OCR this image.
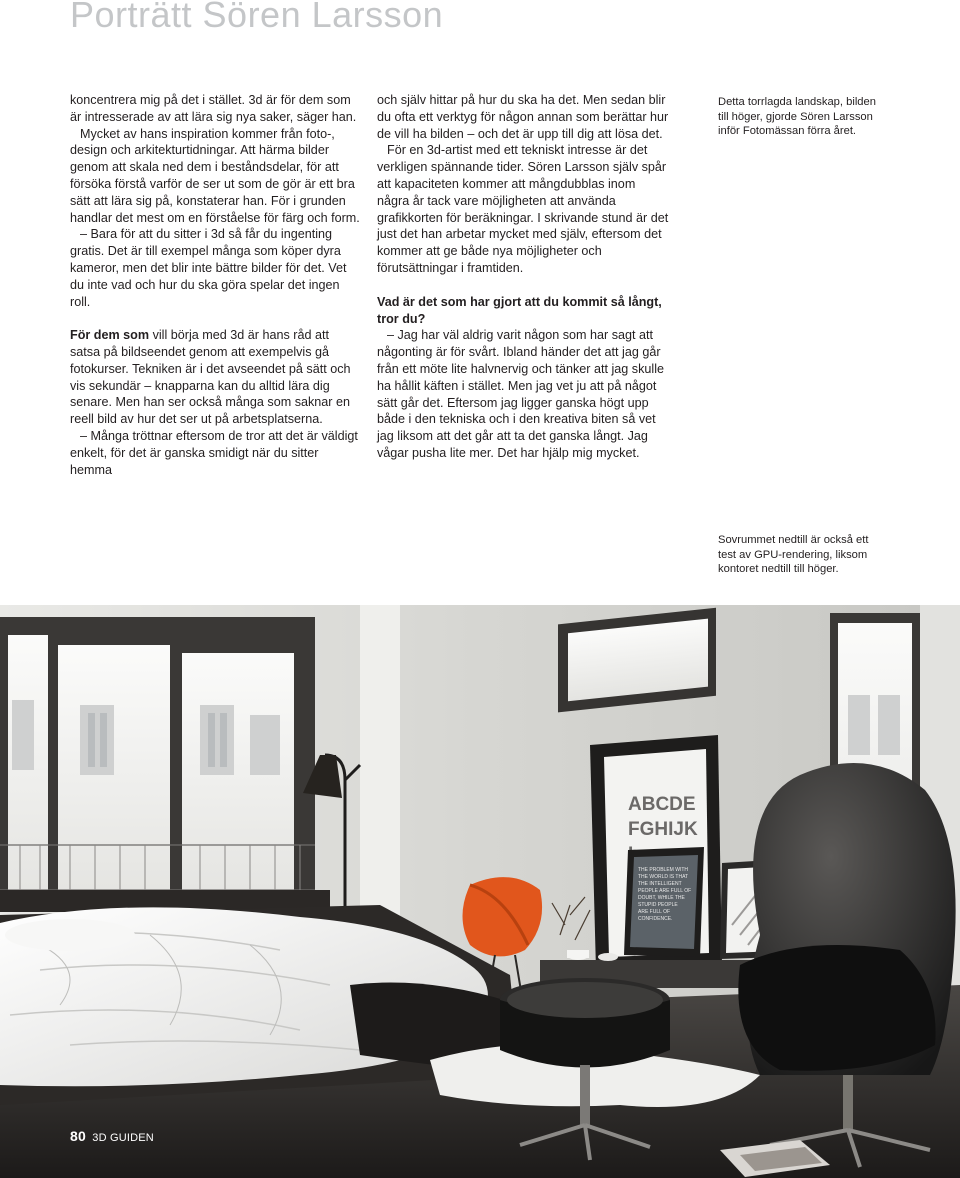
Porträtt Sören Larsson

koncentrera mig på det i stället. 3d är för dem som är intresserade av att lära sig nya saker, säger han.

Mycket av hans inspiration kommer från foto-, design och arkitekturtidningar. Att härma bilder genom att skala ned dem i beståndsdelar, för att försöka förstå varför de ser ut som de gör är ett bra sätt att lära sig på, konstaterar han. För i grunden handlar det mest om en förståelse för färg och form.

– Bara för att du sitter i 3d så får du ingenting gratis. Det är till exempel många som köper dyra kameror, men det blir inte bättre bilder för det. Vet du inte vad och hur du ska göra spelar det ingen roll.

För dem som vill börja med 3d är hans råd att satsa på bildseendet genom att exempelvis gå fotokurser. Tekniken är i det avseendet på sätt och vis sekundär – knapparna kan du alltid lära dig senare. Men han ser också många som saknar en reell bild av hur det ser ut på arbetsplatserna.

– Många tröttnar eftersom de tror att det är väldigt enkelt, för det är ganska smidigt när du sitter hemma

och själv hittar på hur du ska ha det. Men sedan blir du ofta ett verktyg för någon annan som berättar hur de vill ha bilden – och det är upp till dig att lösa det.

För en 3d-artist med ett tekniskt intresse är det verkligen spännande tider. Sören Larsson själv spår att kapaciteten kommer att mångdubblas inom några år tack vare möjligheten att använda grafikkorten för beräkningar. I skrivande stund är det just det han arbetar mycket med själv, eftersom det kommer att ge både nya möjligheter och förutsättningar i framtiden.

Vad är det som har gjort att du kommit så långt, tror du?

– Jag har väl aldrig varit någon som har sagt att någonting är för svårt. Ibland händer det att jag går från ett möte lite halvnervig och tänker att jag skulle ha hållit käften i stället. Men jag vet ju att på något sätt går det. Eftersom jag ligger ganska högt upp både i den tekniska och i den kreativa biten så vet jag liksom att det går att ta det ganska långt. Jag vågar pusha lite mer. Det har hjälp mig mycket.

Detta torrlagda landskap, bilden till höger, gjorde Sören Larsson inför Fotomässan förra året.
Sovrummet nedtill är också ett test av GPU-rendering, liksom kontoret nedtill till höger.
ABCDE
FGHIJK
THE PROBLEM WITH
THE WORLD IS THAT
THE INTELLIGENT
PEOPLE ARE FULL OF
DOUBT, WHILE THE
STUPID PEOPLE
ARE FULL OF
CONFIDENCE.
80 3D GUIDEN
